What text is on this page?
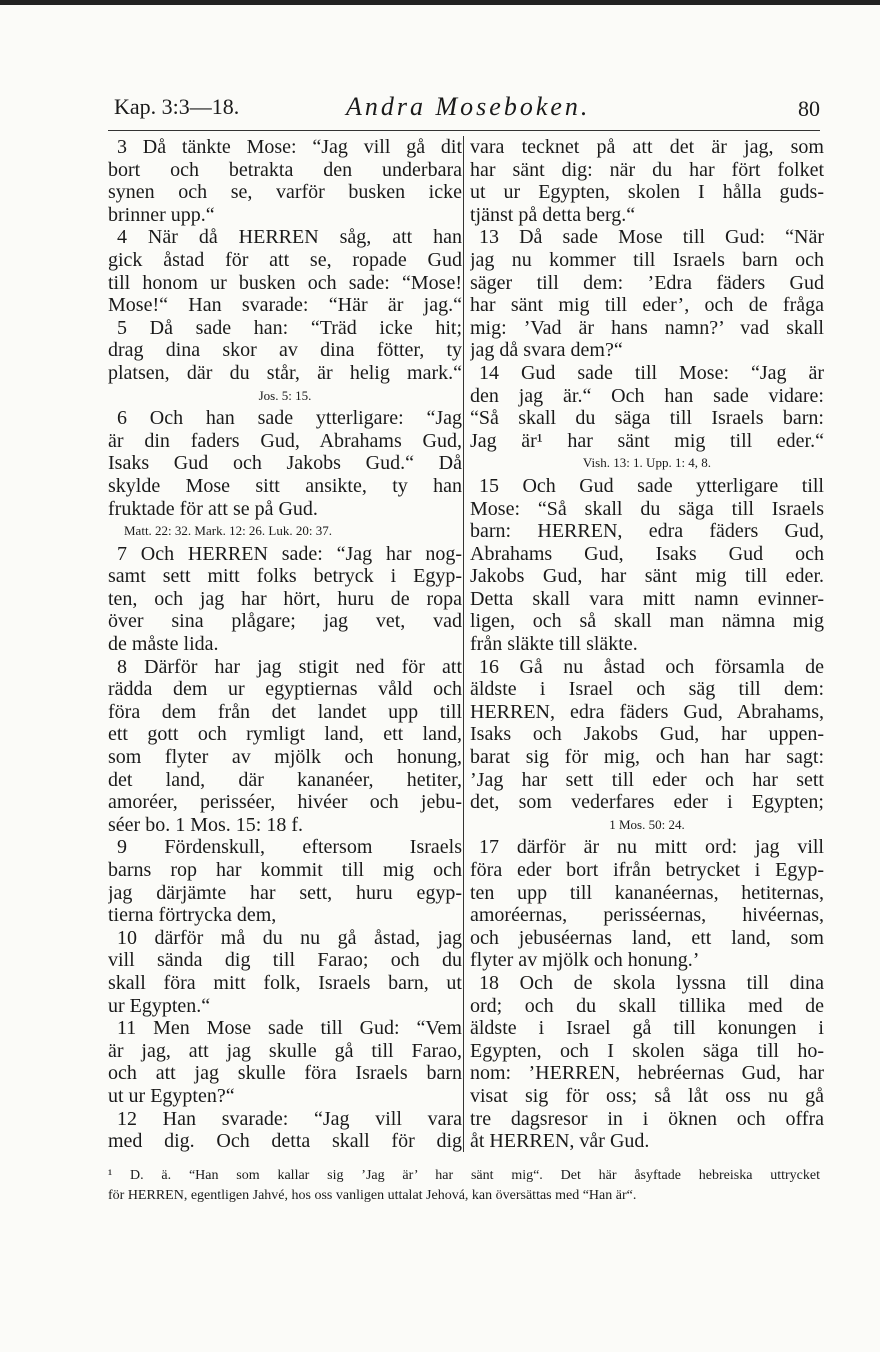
Kap. 3:3—18.	Andra Moseboken.	80
3 Då tänkte Mose: “Jag vill gå dit
bort och betrakta den underbara
synen och se, varför busken icke
brinner upp.“
4 När då HERREN såg, att han
gick åstad för att se, ropade Gud
till honom ur busken och sade: “Mose!
Mose!“ Han svarade: “Här är jag.“
5 Då sade han: “Träd icke hit;
drag dina skor av dina fötter, ty
platsen, där du står, är helig mark.“
Jos. 5: 15.
6 Och han sade ytterligare: “Jag
är din faders Gud, Abrahams Gud,
Isaks Gud och Jakobs Gud.“ Då
skylde Mose sitt ansikte, ty han
fruktade för att se på Gud.
Matt. 22: 32. Mark. 12: 26. Luk. 20: 37.
7 Och HERREN sade: “Jag har nog-
samt sett mitt folks betryck i Egyp-
ten, och jag har hört, huru de ropa
över sina plågare; jag vet, vad
de måste lida.
8 Därför har jag stigit ned för att
rädda dem ur egyptiernas våld och
föra dem från det landet upp till
ett gott och rymligt land, ett land,
som flyter av mjölk och honung,
det land, där kananéer, hetiter,
amoréer, perisséer, hivéer och jebu-
séer bo. 1 Mos. 15: 18 f.
9 Fördenskull, eftersom Israels
barns rop har kommit till mig och
jag därjämte har sett, huru egyp-
tierna förtrycka dem,
10 därför må du nu gå åstad, jag
vill sända dig till Farao; och du
skall föra mitt folk, Israels barn, ut
ur Egypten.“
11 Men Mose sade till Gud: “Vem
är jag, att jag skulle gå till Farao,
och att jag skulle föra Israels barn
ut ur Egypten?“
12 Han svarade: “Jag vill vara
med dig. Och detta skall för dig
vara tecknet på att det är jag, som
har sänt dig: när du har fört folket
ut ur Egypten, skolen I hålla guds-
tjänst på detta berg.“
13 Då sade Mose till Gud: “När
jag nu kommer till Israels barn och
säger till dem: ’Edra fäders Gud
har sänt mig till eder’, och de fråga
mig: ’Vad är hans namn?’ vad skall
jag då svara dem?“
14 Gud sade till Mose: “Jag är
den jag är.“ Och han sade vidare:
“Så skall du säga till Israels barn:
Jag är¹ har sänt mig till eder.“
Vish. 13: 1. Upp. 1: 4, 8.
15 Och Gud sade ytterligare till
Mose: “Så skall du säga till Israels
barn: HERREN, edra fäders Gud,
Abrahams Gud, Isaks Gud och
Jakobs Gud, har sänt mig till eder.
Detta skall vara mitt namn evinner-
ligen, och så skall man nämna mig
från släkte till släkte.
16 Gå nu åstad och församla de
äldste i Israel och säg till dem:
HERREN, edra fäders Gud, Abrahams,
Isaks och Jakobs Gud, har uppen-
barat sig för mig, och han har sagt:
’Jag har sett till eder och har sett
det, som vederfares eder i Egypten;
1 Mos. 50: 24.
17 därför är nu mitt ord: jag vill
föra eder bort ifrån betrycket i Egyp-
ten upp till kananéernas, hetiternas,
amoréernas, perisséernas, hivéernas,
och jebuséernas land, ett land, som
flyter av mjölk och honung.’
18 Och de skola lyssna till dina
ord; och du skall tillika med de
äldste i Israel gå till konungen i
Egypten, och I skolen säga till ho-
nom: ’HERREN, hebréernas Gud, har
visat sig för oss; så låt oss nu gå
tre dagsresor in i öknen och offra
åt HERREN, vår Gud.
¹ D. ä. “Han som kallar sig ’Jag är’ har sänt mig“. Det här åsyftade hebreiska uttrycket
för HERREN, egentligen Jahvé, hos oss vanligen uttalat Jehová, kan översättas med “Han är“.
